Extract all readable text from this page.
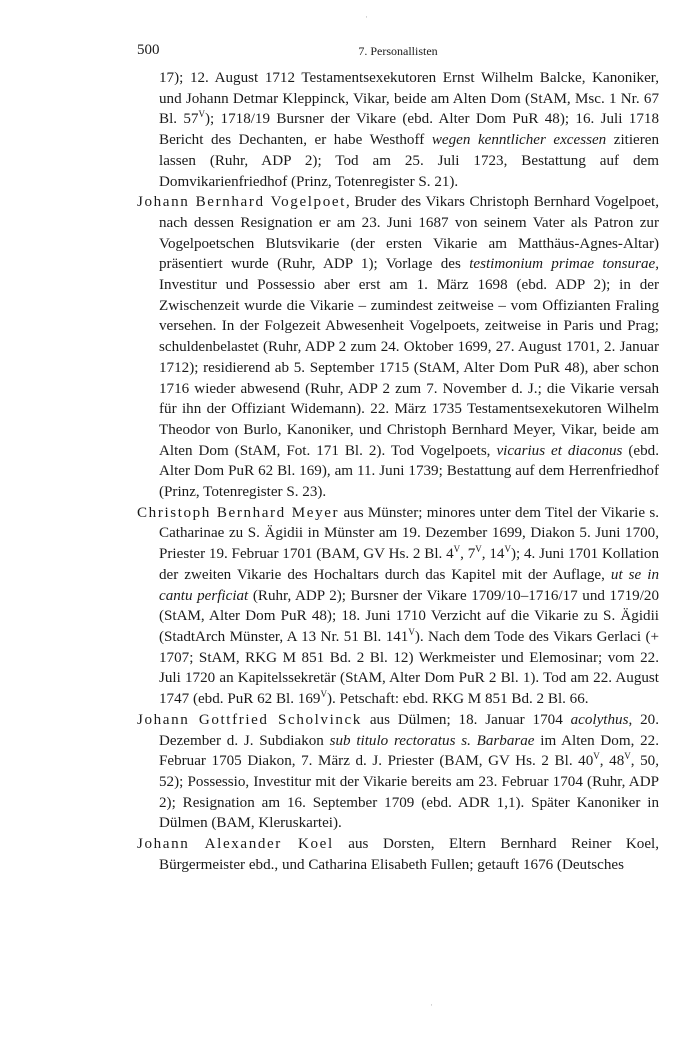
·
·
500	7. Personallisten

17); 12. August 1712 Testamentsexekutoren Ernst Wilhelm Balcke, Kanoniker, und Johann Detmar Kleppinck, Vikar, beide am Alten Dom (StAM, Msc. 1 Nr. 67 Bl. $57^V$); 1718/19 Bursner der Vikare (ebd. Alter Dom PuR 48); 16. Juli 1718 Bericht des Dechanten, er habe Westhoff wegen kenntlicher excessen zitieren lassen (Ruhr, ADP 2); Tod am 25. Juli 1723, Bestattung auf dem Domvikarienfriedhof (Prinz, Totenregister S. 21).

Johann Bernhard Vogelpoet, Bruder des Vikars Christoph Bernhard Vogelpoet, nach dessen Resignation er am 23. Juni 1687 von seinem Vater als Patron zur Vogelpoetschen Blutsvikarie (der ersten Vikarie am Matthäus-Agnes-Altar) präsentiert wurde (Ruhr, ADP 1); Vorlage des testimonium primae tonsurae, Investitur und Possessio aber erst am 1. März 1698 (ebd. ADP 2); in der Zwischenzeit wurde die Vikarie – zumindest zeitweise – vom Offizianten Fraling versehen. In der Folgezeit Abwesenheit Vogelpoets, zeitweise in Paris und Prag; schuldenbelastet (Ruhr, ADP 2 zum 24. Oktober 1699, 27. August 1701, 2. Januar 1712); residierend ab 5. September 1715 (StAM, Alter Dom PuR 48), aber schon 1716 wieder abwesend (Ruhr, ADP 2 zum 7. November d. J.; die Vikarie versah für ihn der Offiziant Widemann). 22. März 1735 Testamentsexekutoren Wilhelm Theodor von Burlo, Kanoniker, und Christoph Bernhard Meyer, Vikar, beide am Alten Dom (StAM, Fot. 171 Bl. 2). Tod Vogelpoets, vicarius et diaconus (ebd. Alter Dom PuR 62 Bl. 169), am 11. Juni 1739; Bestattung auf dem Herrenfriedhof (Prinz, Totenregister S. 23).

Christoph Bernhard Meyer aus Münster; minores unter dem Titel der Vikarie s. Catharinae zu S. Ägidii in Münster am 19. Dezember 1699, Diakon 5. Juni 1700, Priester 19. Februar 1701 (BAM, GV Hs. 2 Bl. $4^V$, $7^V$, $14^V$); 4. Juni 1701 Kollation der zweiten Vikarie des Hochaltars durch das Kapitel mit der Auflage, ut se in cantu perficiat (Ruhr, ADP 2); Bursner der Vikare 1709/10–1716/17 und 1719/20 (StAM, Alter Dom PuR 48); 18. Juni 1710 Verzicht auf die Vikarie zu S. Ägidii (StadtArch Münster, A 13 Nr. 51 Bl. $141^V$). Nach dem Tode des Vikars Gerlaci (+ 1707; StAM, RKG M 851 Bd. 2 Bl. 12) Werkmeister und Elemosinar; vom 22. Juli 1720 an Kapitelssekretär (StAM, Alter Dom PuR 2 Bl. 1). Tod am 22. August 1747 (ebd. PuR 62 Bl. $169^V$). Petschaft: ebd. RKG M 851 Bd. 2 Bl. 66.

Johann Gottfried Scholvinck aus Dülmen; 18. Januar 1704 acolythus, 20. Dezember d. J. Subdiakon sub titulo rectoratus s. Barbarae im Alten Dom, 22. Februar 1705 Diakon, 7. März d. J. Priester (BAM, GV Hs. 2 Bl. $40^V$, $48^V$, 50, 52); Possessio, Investitur mit der Vikarie bereits am 23. Februar 1704 (Ruhr, ADP 2); Resignation am 16. September 1709 (ebd. ADR 1,1). Später Kanoniker in Dülmen (BAM, Kleruskartei).

Johann Alexander Koel aus Dorsten, Eltern Bernhard Reiner Koel, Bürgermeister ebd., und Catharina Elisabeth Fullen; getauft 1676 (Deutsches
